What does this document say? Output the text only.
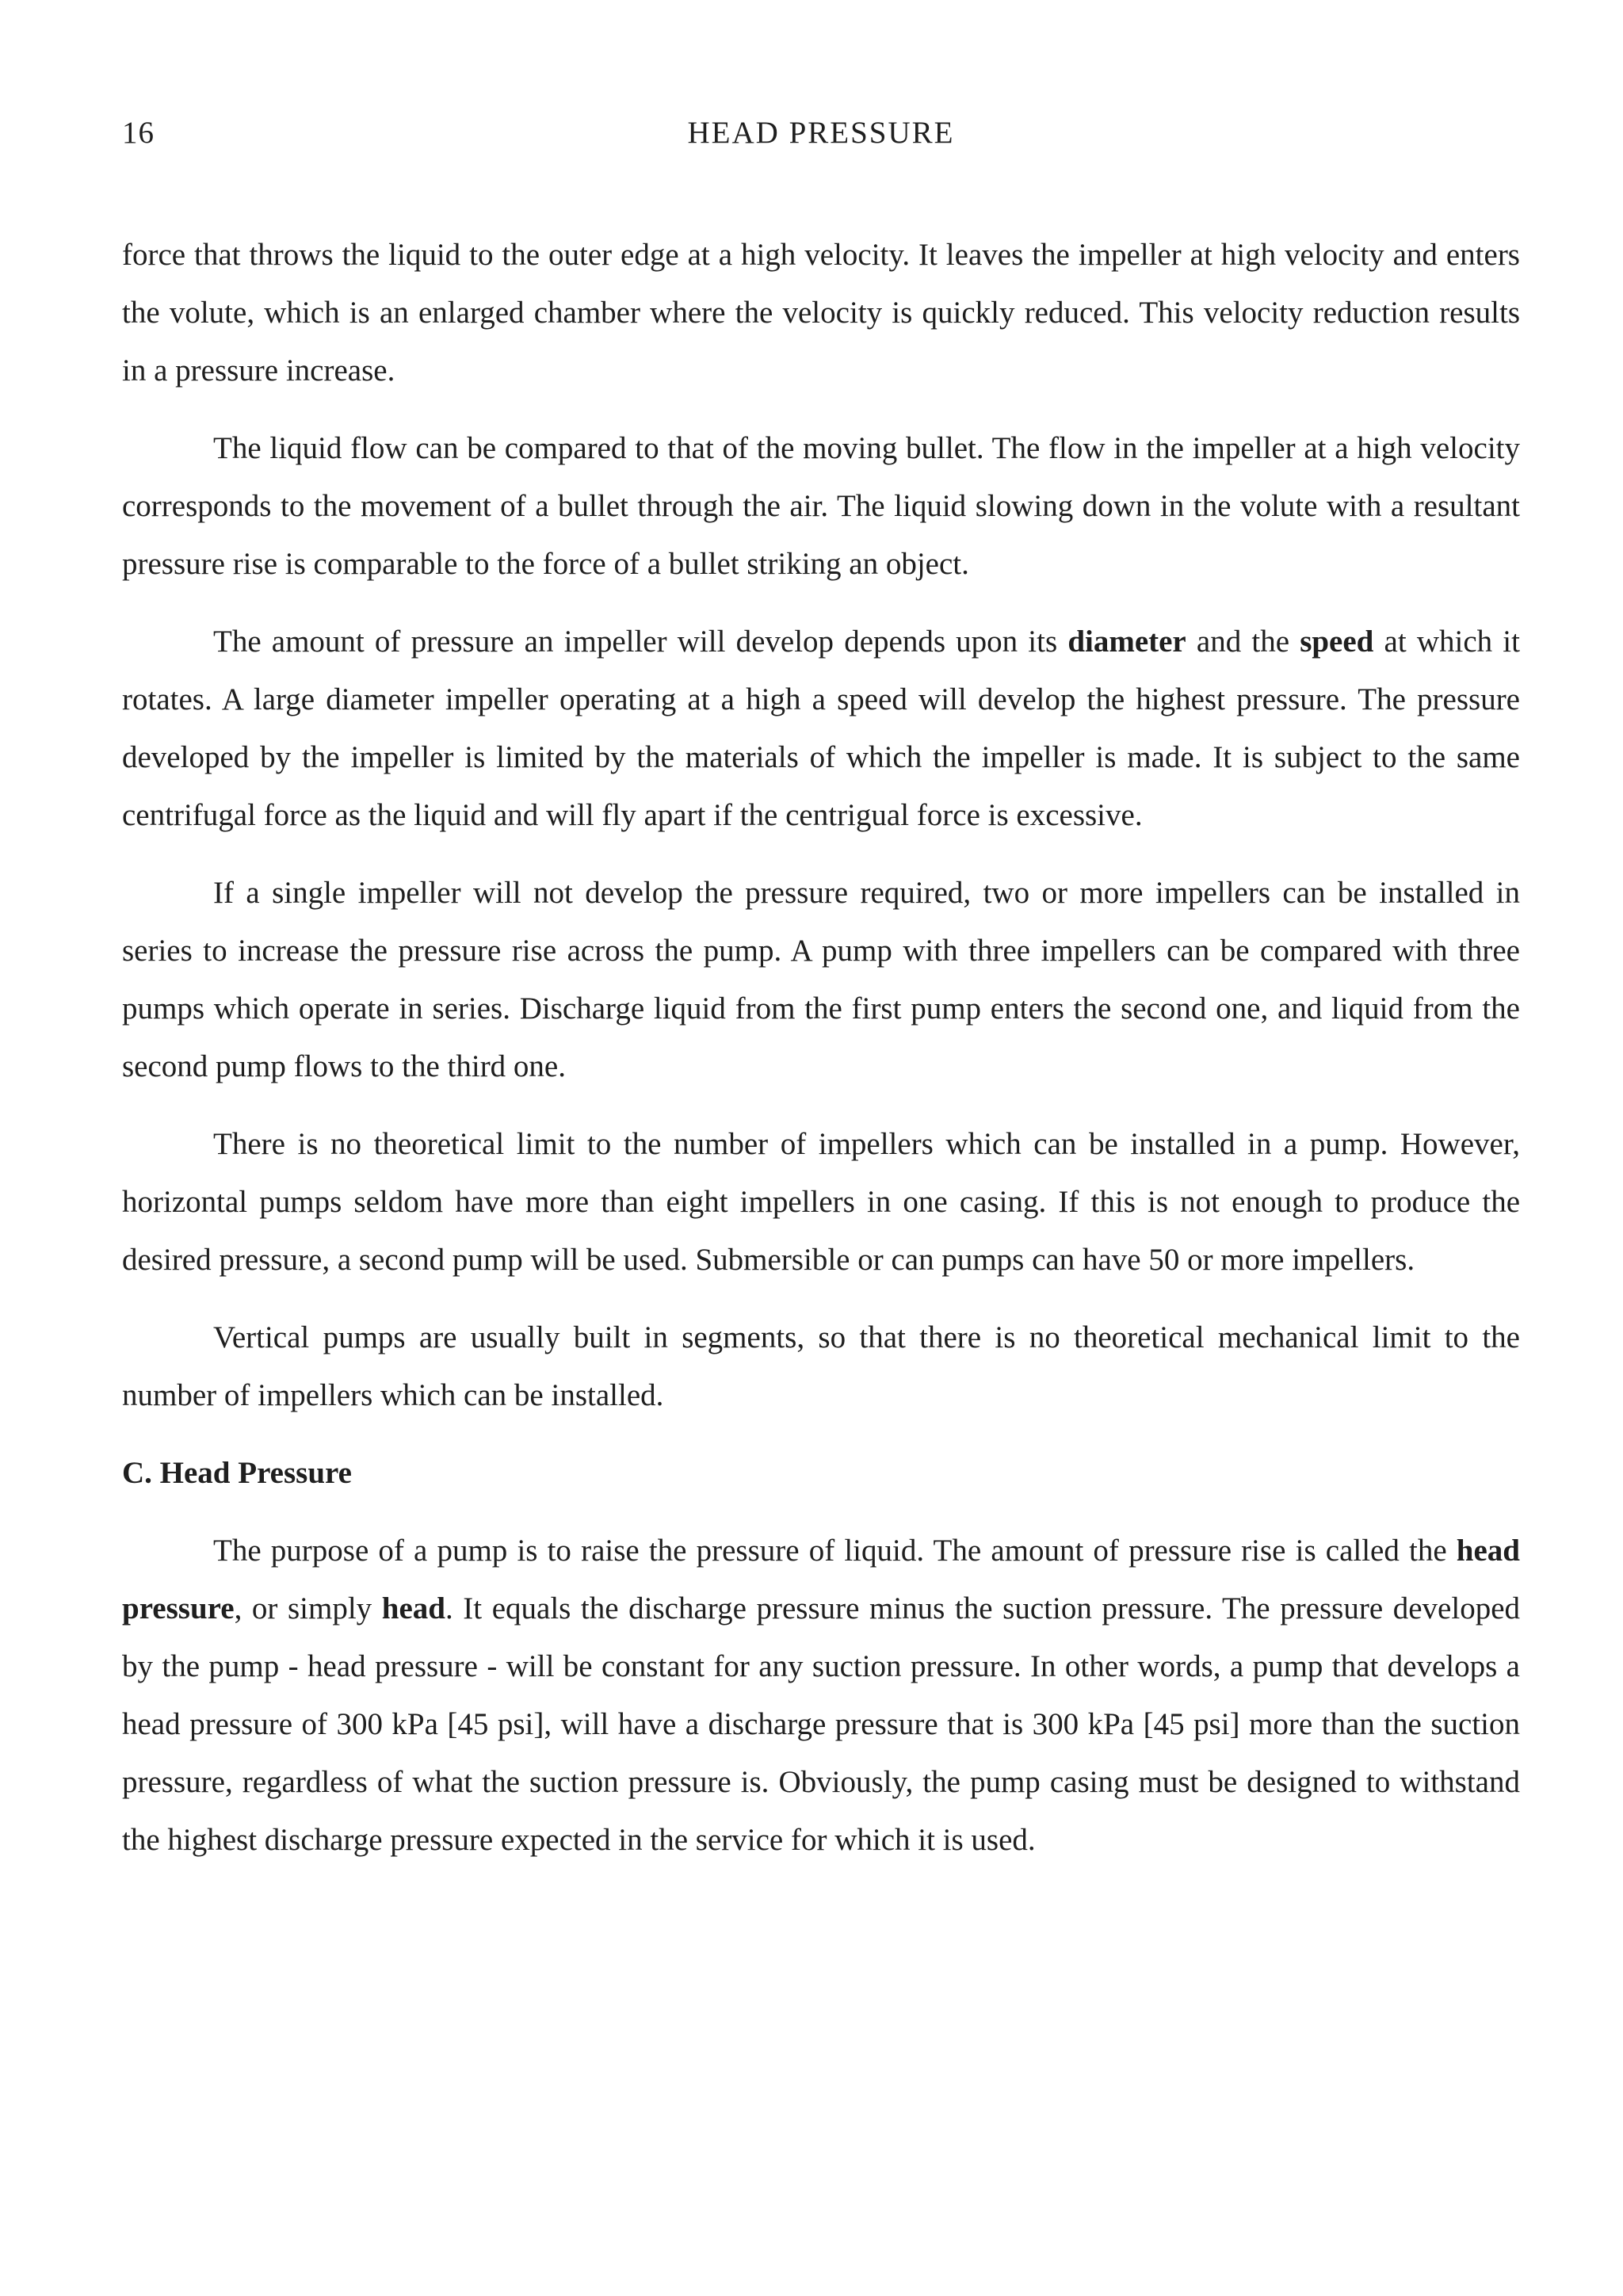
16	HEAD PRESSURE

force that throws the liquid to the outer edge at a high velocity. It leaves the impeller at high velocity and enters the volute, which is an enlarged chamber where the velocity is quickly reduced. This velocity reduction results in a pressure increase.

The liquid flow can be compared to that of the moving bullet. The flow in the impeller at a high velocity corresponds to the movement of a bullet through the air. The liquid slowing down in the volute with a resultant pressure rise is comparable to the force of a bullet striking an object.

The amount of pressure an impeller will develop depends upon its diameter and the speed at which it rotates. A large diameter impeller operating at a high a speed will develop the highest pressure. The pressure developed by the impeller is limited by the materials of which the impeller is made. It is subject to the same centrifugal force as the liquid and will fly apart if the centrigual force is excessive.

If a single impeller will not develop the pressure required, two or more impellers can be installed in series to increase the pressure rise across the pump. A pump with three impellers can be compared with three pumps which operate in series. Discharge liquid from the first pump enters the second one, and liquid from the second pump flows to the third one.

There is no theoretical limit to the number of impellers which can be installed in a pump. However, horizontal pumps seldom have more than eight impellers in one casing. If this is not enough to produce the desired pressure, a second pump will be used. Submersible or can pumps can have 50 or more impellers.

Vertical pumps are usually built in segments, so that there is no theoretical mechanical limit to the number of impellers which can be installed.

C. Head Pressure

The purpose of a pump is to raise the pressure of liquid. The amount of pressure rise is called the head pressure, or simply head. It equals the discharge pressure minus the suction pressure. The pressure developed by the pump - head pressure - will be constant for any suction pressure. In other words, a pump that develops a head pressure of 300 kPa [45 psi], will have a discharge pressure that is 300 kPa [45 psi] more than the suction pressure, regardless of what the suction pressure is. Obviously, the pump casing must be designed to withstand the highest discharge pressure expected in the service for which it is used.
